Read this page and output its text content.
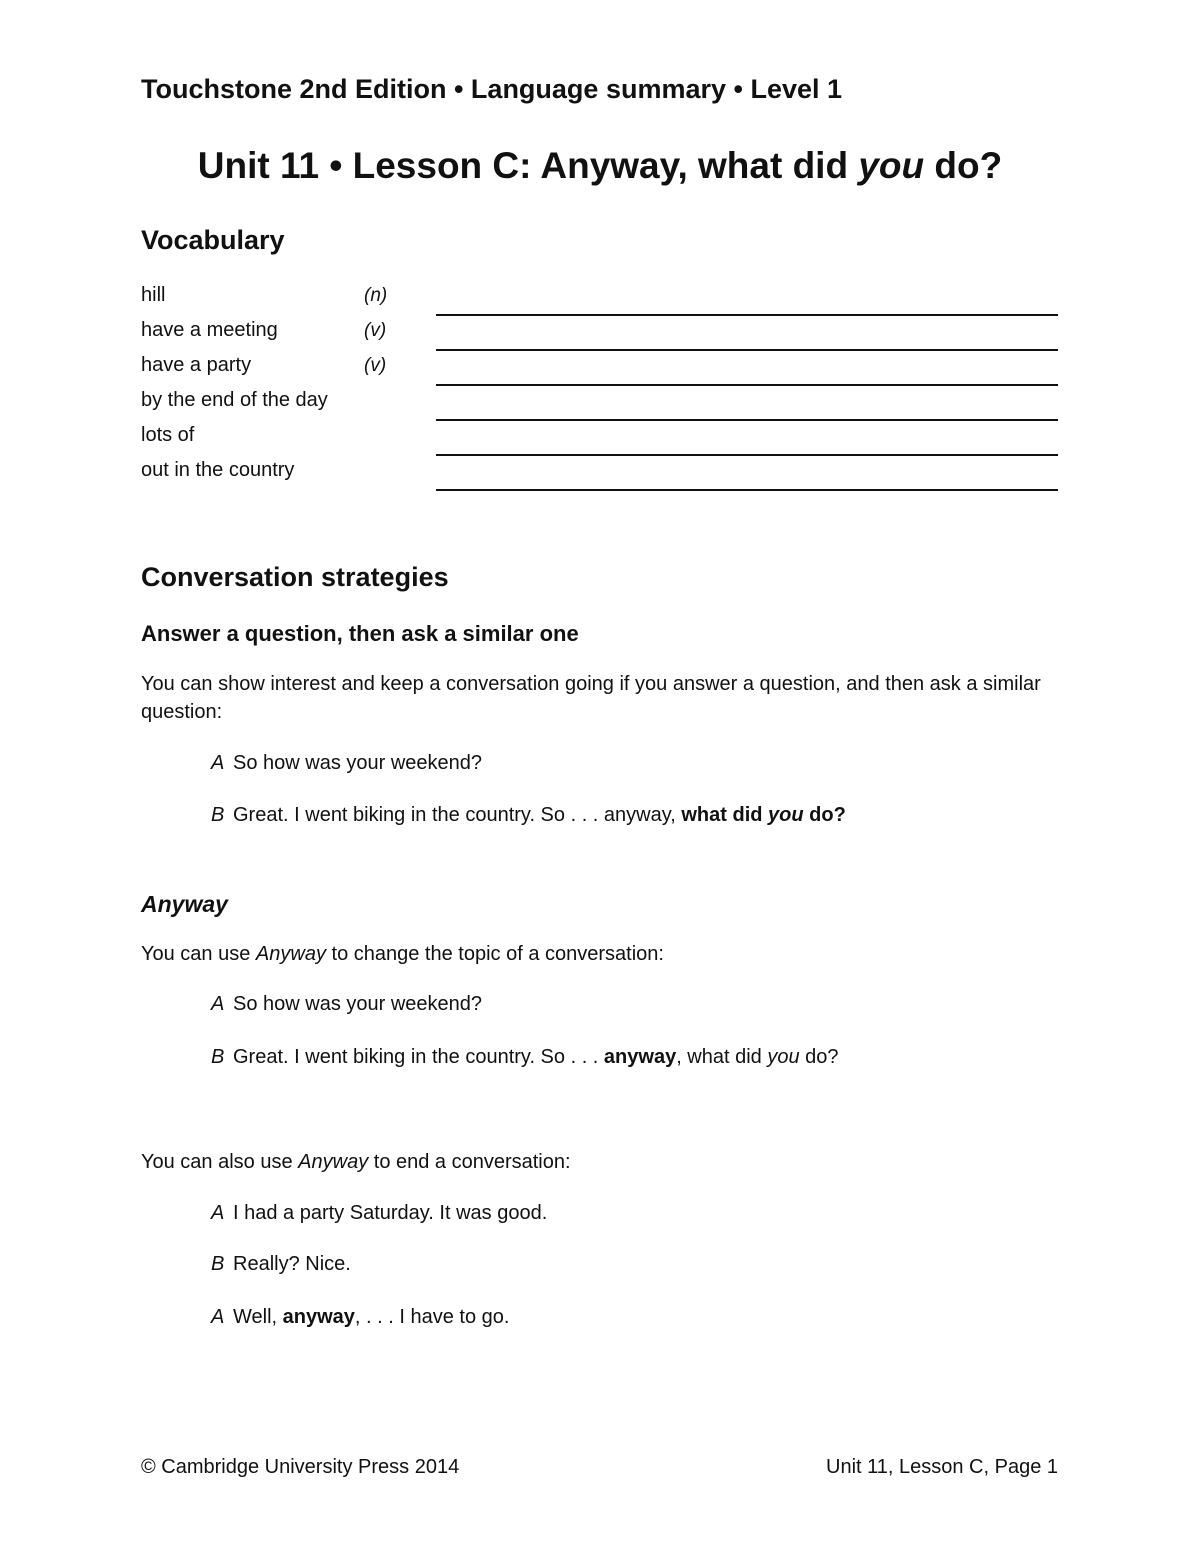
Touchstone 2nd Edition • Language summary • Level 1
Unit 11 • Lesson C: Anyway, what did you do?
Vocabulary
hill	(n)
have a meeting	(v)
have a party	(v)
by the end of the day
lots of
out in the country
Conversation strategies
Answer a question, then ask a similar one
You can show interest and keep a conversation going if you answer a question, and then ask a similar question:
A So how was your weekend?
B Great. I went biking in the country. So . . . anyway, what did you do?
Anyway
You can use Anyway to change the topic of a conversation:
A So how was your weekend?
B Great. I went biking in the country. So . . . anyway, what did you do?
You can also use Anyway to end a conversation:
A I had a party Saturday. It was good.
B Really? Nice.
A Well, anyway, . . . I have to go.
© Cambridge University Press 2014	Unit 11, Lesson C, Page 1
